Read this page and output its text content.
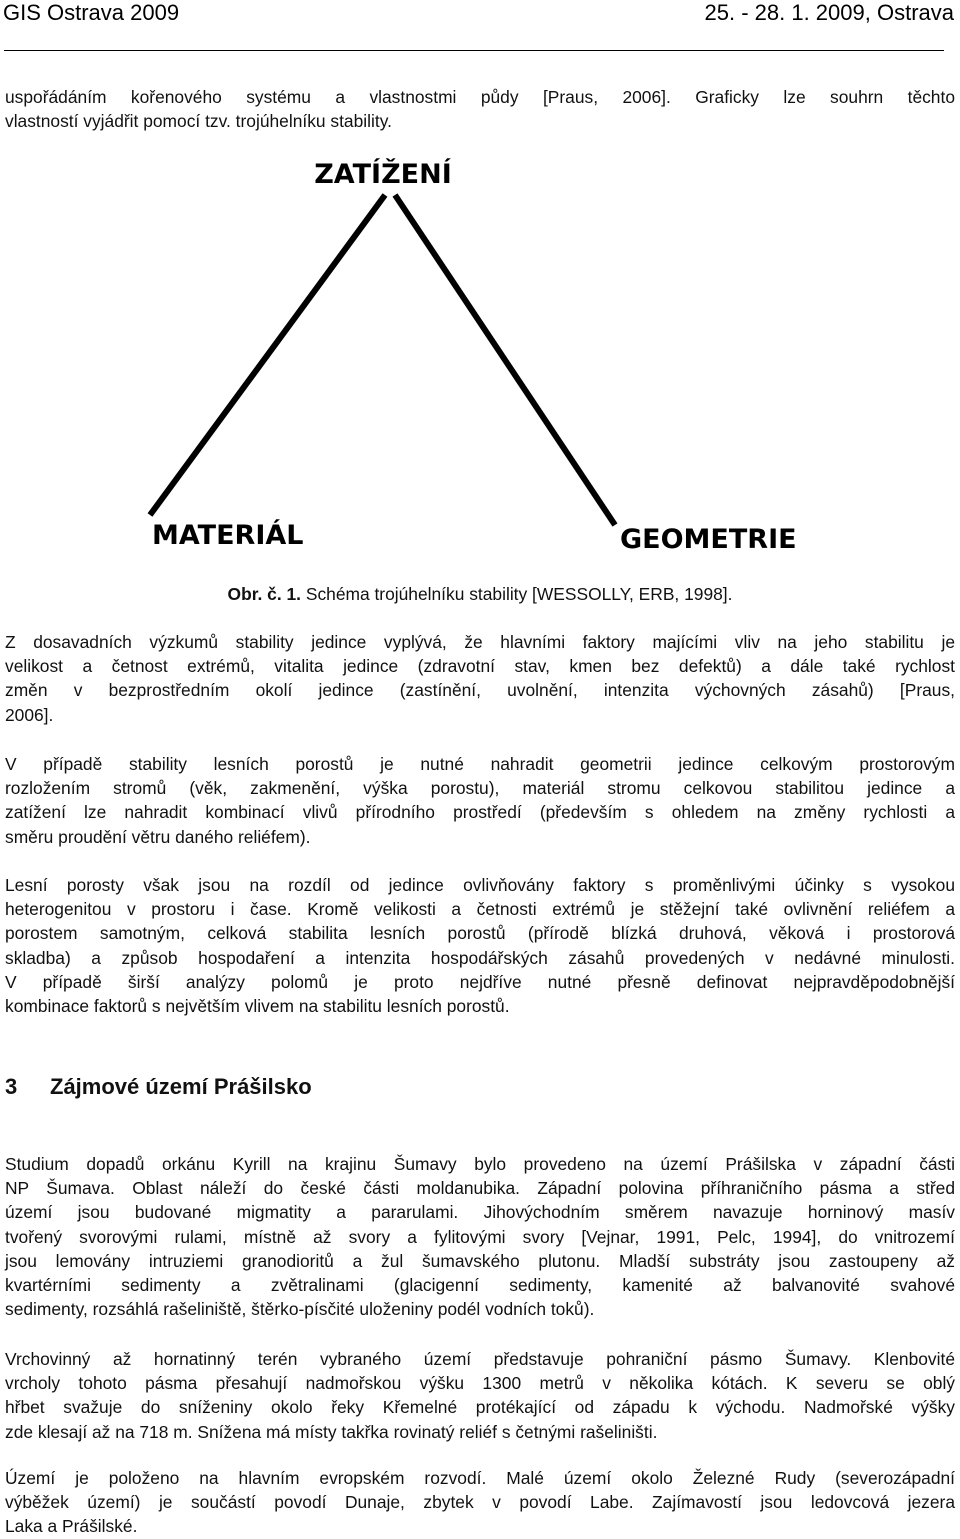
GIS Ostrava 2009	25. - 28. 1. 2009, Ostrava
uspořádáním kořenového systému a vlastnostmi půdy [Praus, 2006]. Graficky lze souhrn těchto
vlastností vyjádřit pomocí tzv. trojúhelníku stability.
ZATÍŽENÍ
MATERIÁL	GEOMETRIE
Obr. č. 1. Schéma trojúhelníku stability [WESSOLLY, ERB, 1998].
Z dosavadních výzkumů stability jedince vyplývá, že hlavními faktory majícími vliv na jeho stabilitu je
velikost a četnost extrémů, vitalita jedince (zdravotní stav, kmen bez defektů) a dále také rychlost
změn v bezprostředním okolí jedince (zastínění, uvolnění, intenzita výchovných zásahů) [Praus,
2006].
V případě stability lesních porostů je nutné nahradit geometrii jedince celkovým prostorovým
rozložením stromů (věk, zakmenění, výška porostu), materiál stromu celkovou stabilitou jedince a
zatížení lze nahradit kombinací vlivů přírodního prostředí (především s ohledem na změny rychlosti a
směru proudění větru daného reliéfem).
Lesní porosty však jsou na rozdíl od jedince ovlivňovány faktory s proměnlivými účinky s vysokou
heterogenitou v prostoru i čase. Kromě velikosti a četnosti extrémů je stěžejní také ovlivnění reliéfem a
porostem samotným, celková stabilita lesních porostů (přírodě blízká druhová, věková i prostorová
skladba) a způsob hospodaření a intenzita hospodářských zásahů provedených v nedávné minulosti.
V případě širší analýzy polomů je proto nejdříve nutné přesně definovat nejpravděpodobnější
kombinace faktorů s největším vlivem na stabilitu lesních porostů.
3 Zájmové území Prášilsko
Studium dopadů orkánu Kyrill na krajinu Šumavy bylo provedeno na území Prášilska v západní části
NP Šumava. Oblast náleží do české části moldanubika. Západní polovina příhraničního pásma a střed
území jsou budované migmatity a pararulami. Jihovýchodním směrem navazuje horninový masív
tvořený svorovými rulami, místně až svory a fylitovými svory [Vejnar, 1991, Pelc, 1994], do vnitrozemí
jsou lemovány intruziemi granodioritů a žul šumavského plutonu. Mladší substráty jsou zastoupeny až
kvartérními sedimenty a zvětralinami (glacigenní sedimenty, kamenité až balvanovité svahové
sedimenty, rozsáhlá rašeliniště, štěrko-písčité uloženiny podél vodních toků).
Vrchovinný až hornatinný terén vybraného území představuje pohraniční pásmo Šumavy. Klenbovité
vrcholy tohoto pásma přesahují nadmořskou výšku 1300 metrů v několika kótách. K severu se oblý
hřbet svažuje do sníženiny okolo řeky Křemelné protékající od západu k východu. Nadmořské výšky
zde klesají až na 718 m. Snížena má místy takřka rovinatý reliéf s četnými rašeliništi.
Území je položeno na hlavním evropském rozvodí. Malé území okolo Železné Rudy (severozápadní
výběžek území) je součástí povodí Dunaje, zbytek v povodí Labe. Zajímavostí jsou ledovcová jezera
Laka a Prášilské.
